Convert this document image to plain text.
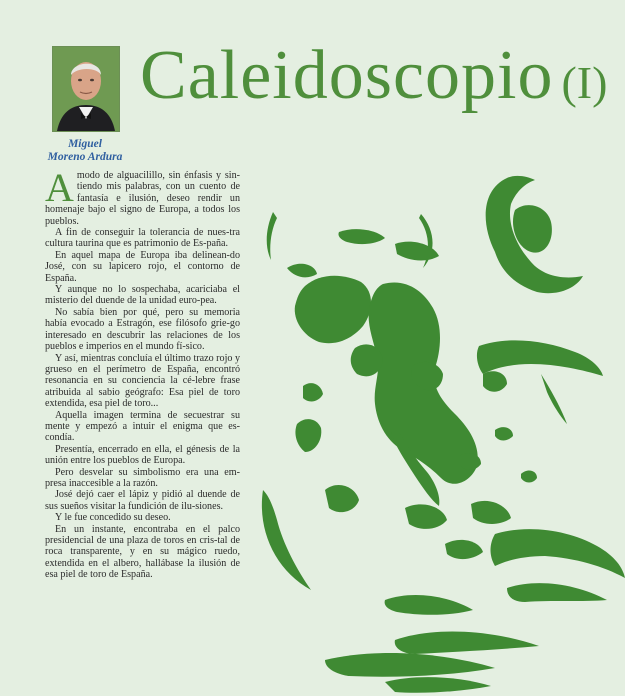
Miguel
Moreno Ardura
Caleidoscopio (I)

Amodo de alguacilillo, sin énfasis y sin-tiendo mis palabras, con un cuento de fantasía e ilusión, deseo rendir un homenaje bajo el signo de Europa, a todos los pueblos.

A fin de conseguir la tolerancia de nues-tra cultura taurina que es patrimonio de Es-paña.

En aquel mapa de Europa iba delinean-do José, con su lapicero rojo, el contorno de España.

Y aunque no lo sospechaba, acariciaba el misterio del duende de la unidad euro-pea.

No sabía bien por qué, pero su memoria había evocado a Estragón, ese filósofo grie-go interesado en descubrir las relaciones de los pueblos e imperios en el mundo fí-sico.

Y así, mientras concluía el último trazo rojo y grueso en el perímetro de España, encontró resonancia en su conciencia la cé-lebre frase atribuida al sabio geógrafo: Esa piel de toro extendida, esa piel de toro...

Aquella imagen termina de secuestrar su mente y empezó a intuir el enigma que es-condía.

Presentía, encerrado en ella, el génesis de la unión entre los pueblos de Europa.

Pero desvelar su simbolismo era una em-presa inaccesible a la razón.

José dejó caer el lápiz y pidió al duende de sus sueños visitar la fundición de ilu-siones.

Y le fue concedido su deseo.

En un instante, encontraba en el palco presidencial de una plaza de toros en cris-tal de roca transparente, y en su mágico ruedo, extendida en el albero, hallábase la ilusión de esa piel de toro de España.
